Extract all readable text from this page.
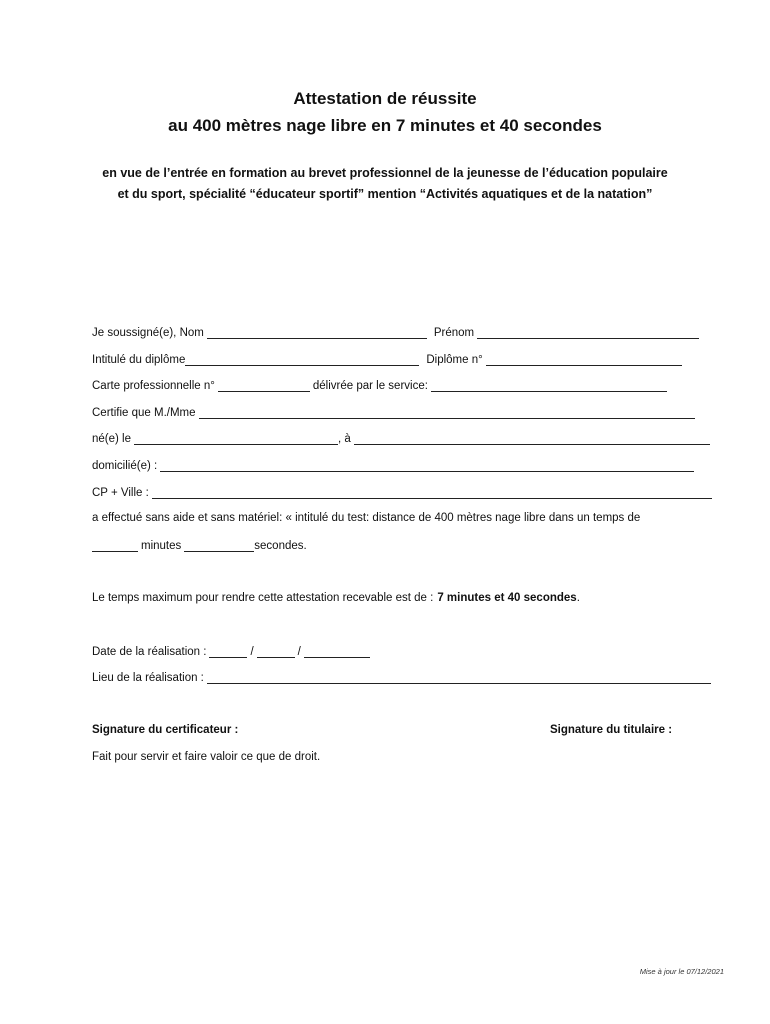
Attestation de réussite
au 400 mètres nage libre en 7 minutes et 40 secondes
en vue de l’entrée en formation au brevet professionnel de la jeunesse de l’éducation populaire
et du sport, spécialité “éducateur sportif” mention “Activités aquatiques et de la natation”
Je soussigné(e), Nom	Prénom
Intitulé du diplôme	Diplôme n°
Carte professionnelle n°	délivrée par le service:
Certifie que M./Mme
né(e) le	, à
domicilié(e) :
CP + Ville :
a effectué sans aide et sans matériel: « intitulé du test: distance de 400 mètres nage libre dans un temps de
minutes	secondes.
Le temps maximum pour rendre cette attestation recevable est de : 7 minutes et 40 secondes .
Date de la réalisation :	/	/
Lieu de la réalisation :
Signature du certificateur :	Signature du titulaire :
Fait pour servir et faire valoir ce que de droit.
Mise à jour le 07/12/2021
